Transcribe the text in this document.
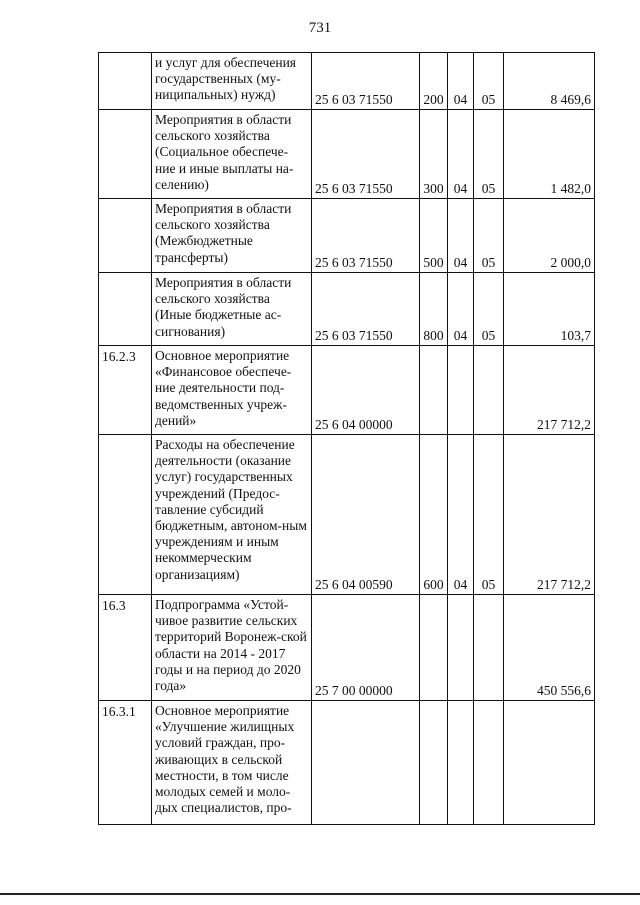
731
	и услуг для обеспечения государственных (му-ниципальных) нужд)	25 6 03 71550	200	04	05	8 469,6
	Мероприятия в области сельского хозяйства (Социальное обеспече-ние и иные выплаты на-селению)	25 6 03 71550	300	04	05	1 482,0
	Мероприятия в области сельского хозяйства (Межбюджетные трансферты)	25 6 03 71550	500	04	05	2 000,0
	Мероприятия в области сельского хозяйства (Иные бюджетные ас-сигнования)	25 6 03 71550	800	04	05	103,7
16.2.3	Основное мероприятие «Финансовое обеспече-ние деятельности под-ведомственных учреж-дений»	25 6 04 00000				217 712,2
	Расходы на обеспечение деятельности (оказание услуг) государственных учреждений (Предос-тавление субсидий бюджетным, автоном-ным учреждениям и иным некоммерческим организациям)	25 6 04 00590	600	04	05	217 712,2
16.3	Подпрограмма «Устой-чивое развитие сельских территорий Воронеж-ской области на 2014 - 2017 годы и на период до 2020 года»	25 7 00 00000				450 556,6
16.3.1	Основное мероприятие «Улучшение жилищных условий граждан, про-живающих в сельской местности, в том числе молодых семей и моло-дых специалистов, про-					
